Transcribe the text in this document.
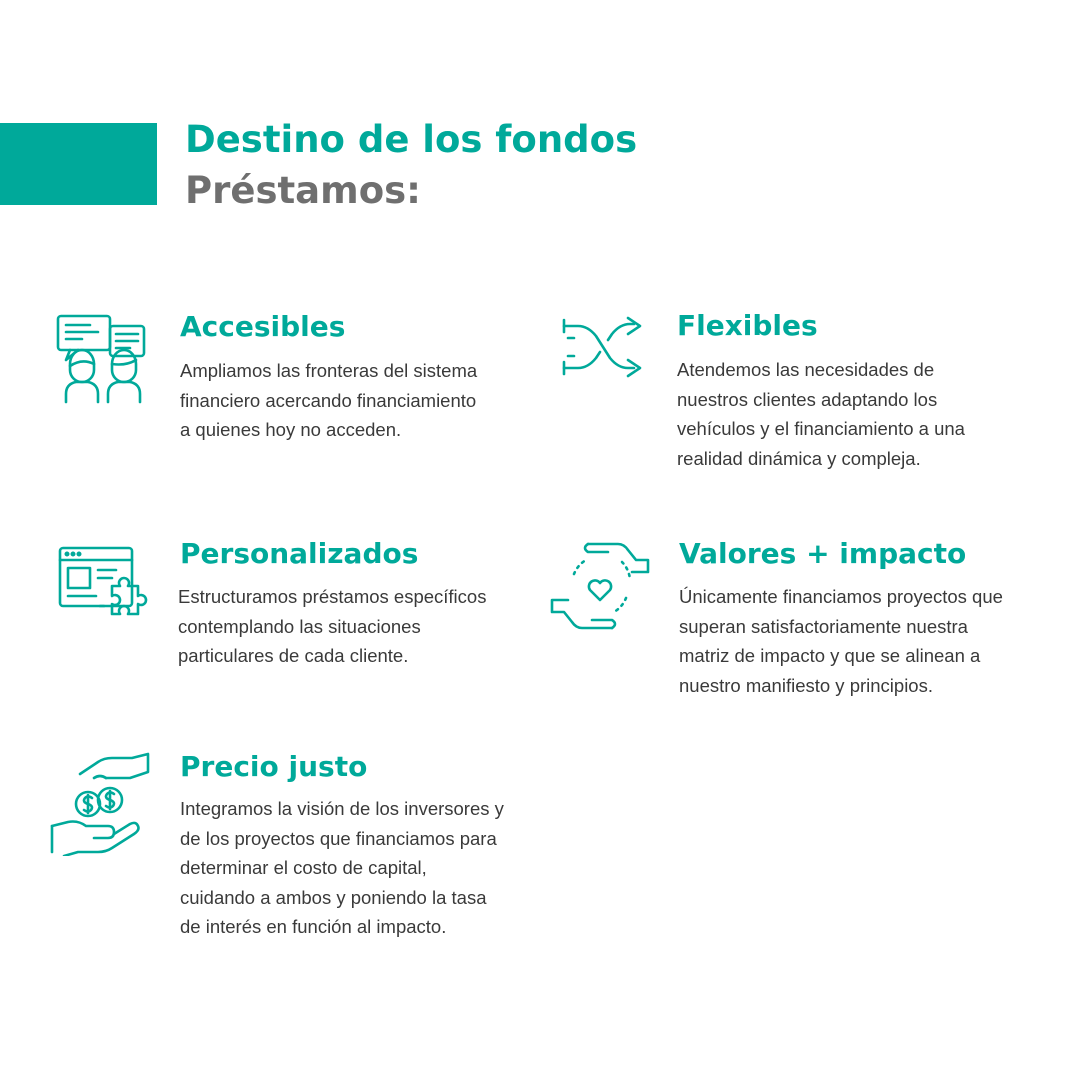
Destino de los fondos
Préstamos:
Accesibles

Ampliamos las fronteras del sistema
financiero acercando financiamiento
a quienes hoy no acceden.

Flexibles

Atendemos las necesidades de
nuestros clientes adaptando los
vehículos y el financiamiento a una
realidad dinámica y compleja.

Personalizados

Estructuramos préstamos específicos
contemplando las situaciones
particulares de cada cliente.

Valores + impacto

Únicamente financiamos proyectos que
superan satisfactoriamente nuestra
matriz de impacto y que se alinean a
nuestro manifiesto y principios.

Precio justo

Integramos la visión de los inversores y
de los proyectos que financiamos para
determinar el costo de capital,
cuidando a ambos y poniendo la tasa
de interés en función al impacto.
